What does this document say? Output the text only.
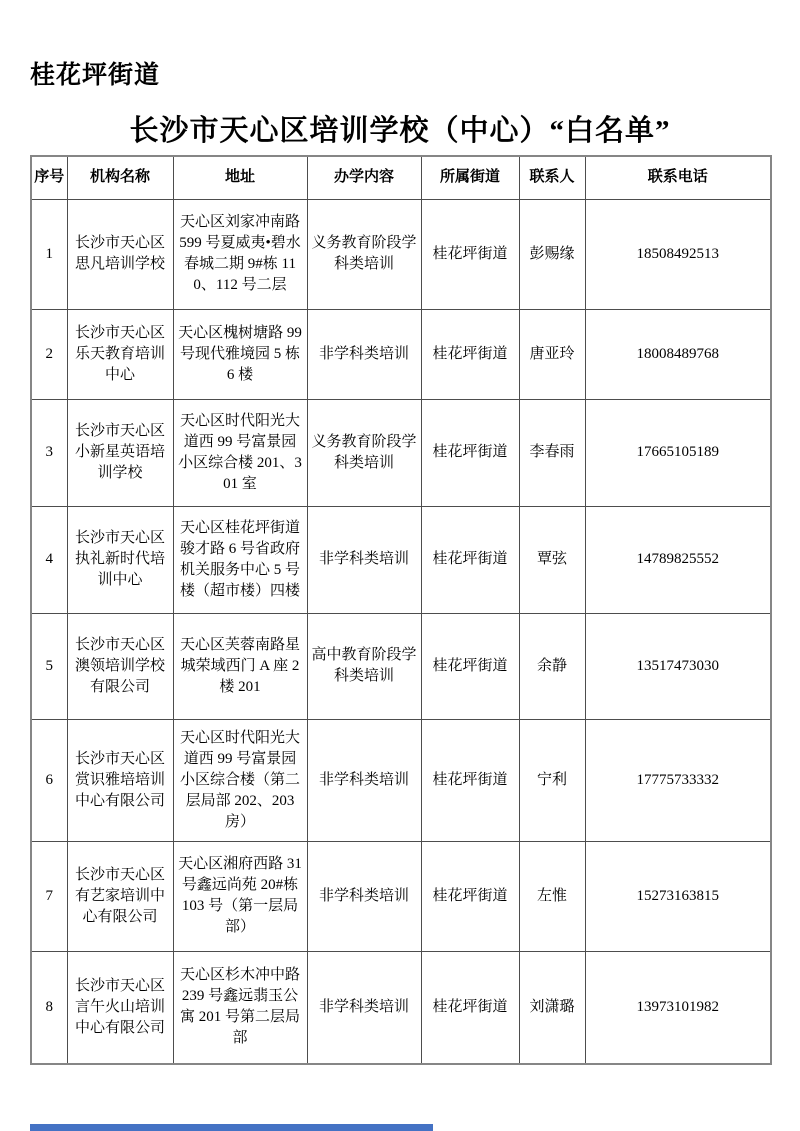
桂花坪街道
长沙市天心区培训学校（中心）“白名单”
序号	机构名称	地址	办学内容	所属街道	联系人	联系电话
1	长沙市天心区思凡培训学校	天心区刘家冲南路 599 号夏威夷•碧水春城二期 9#栋 110、112 号二层	义务教育阶段学科类培训	桂花坪街道	彭赐缘	18508492513
2	长沙市天心区乐天教育培训中心	天心区槐树塘路 99 号现代雅境园 5 栋 6 楼	非学科类培训	桂花坪街道	唐亚玲	18008489768
3	长沙市天心区小新星英语培训学校	天心区时代阳光大道西 99 号富景园小区综合楼 201、301 室	义务教育阶段学科类培训	桂花坪街道	李春雨	17665105189
4	长沙市天心区执礼新时代培训中心	天心区桂花坪街道骏才路 6 号省政府机关服务中心 5 号楼（超市楼）四楼	非学科类培训	桂花坪街道	覃弦	14789825552
5	长沙市天心区澳领培训学校有限公司	天心区芙蓉南路星城荣域西门 A 座 2 楼 201	高中教育阶段学科类培训	桂花坪街道	余静	13517473030
6	长沙市天心区赏识雅培培训中心有限公司	天心区时代阳光大道西 99 号富景园小区综合楼（第二层局部 202、203 房）	非学科类培训	桂花坪街道	宁利	17775733332
7	长沙市天心区有艺家培训中心有限公司	天心区湘府西路 31 号鑫远尚苑 20#栋 103 号（第一层局部）	非学科类培训	桂花坪街道	左惟	15273163815
8	长沙市天心区言午火山培训中心有限公司	天心区杉木冲中路 239 号鑫远翡玉公寓 201 号第二层局部	非学科类培训	桂花坪街道	刘潇璐	13973101982
